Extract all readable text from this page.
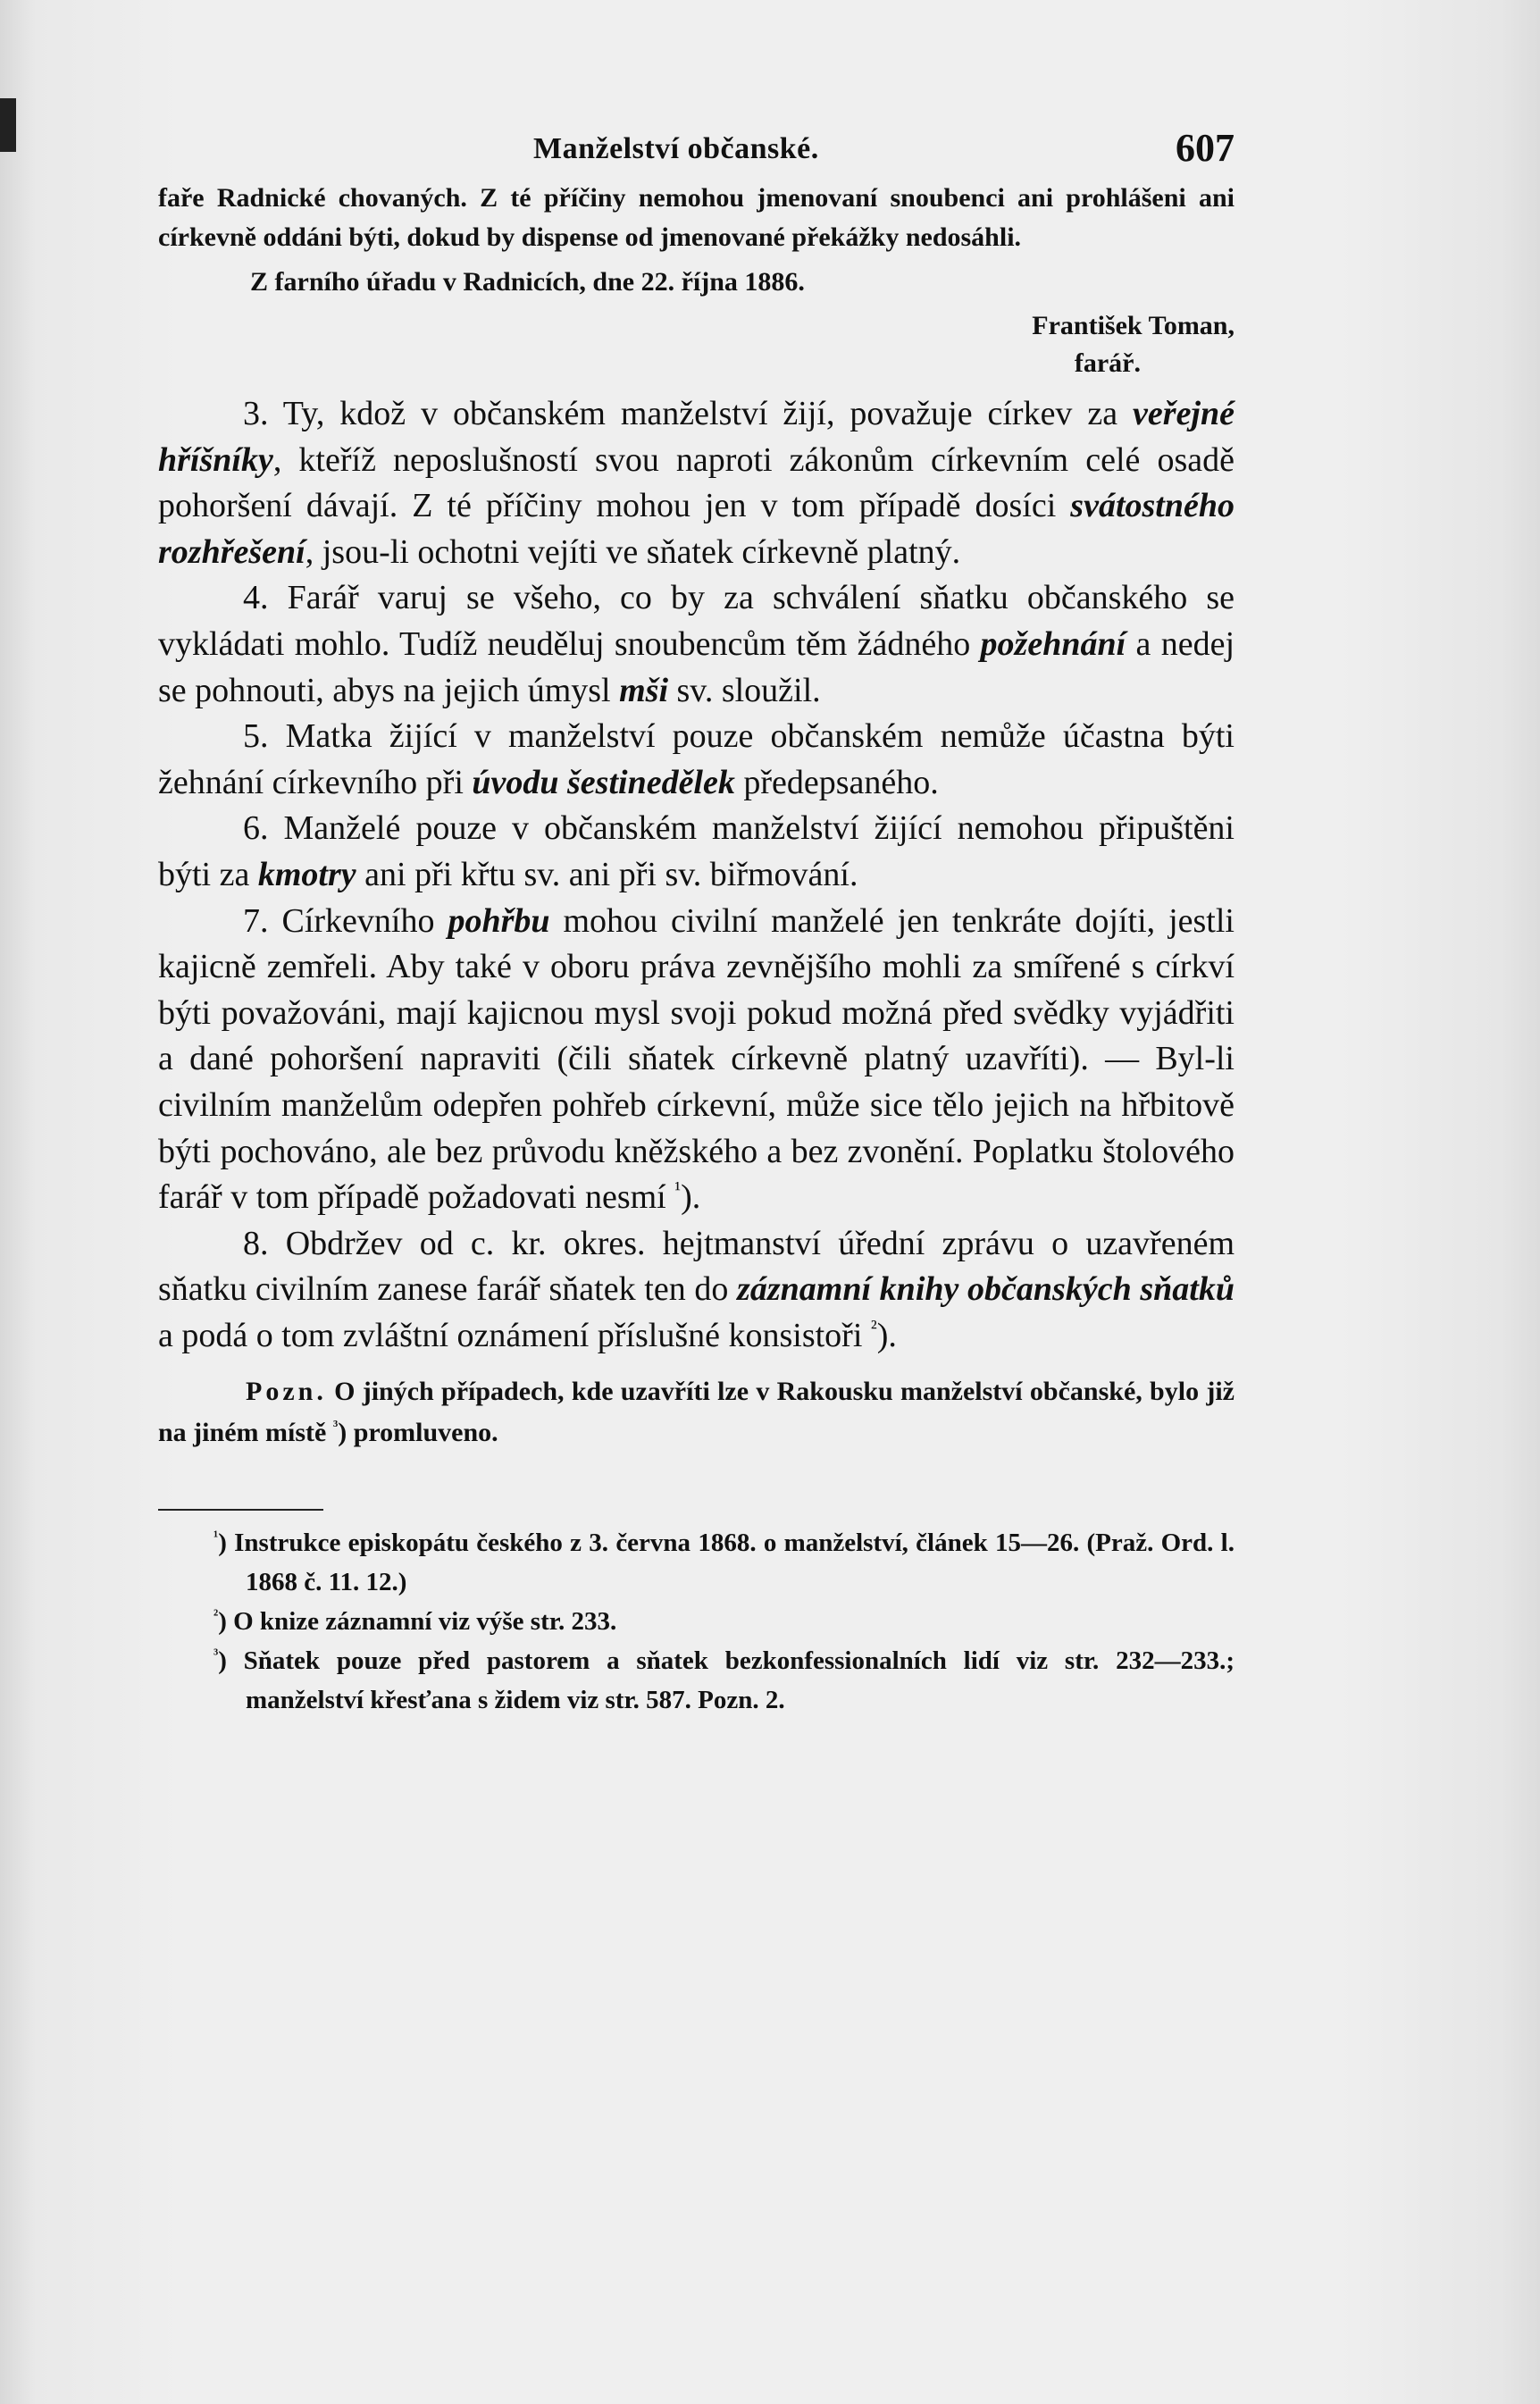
Manželství občanské.	607

faře Radnické chovaných. Z té příčiny nemohou jmenovaní snoubenci ani prohlášeni ani církevně oddáni býti, dokud by dispense od jmenované překážky nedosáhli.

Z farního úřadu v Radnicích, dne 22. října 1886.

František Toman,
farář.

3. Ty, kdož v občanském manželství žijí, považuje církev za veřejné hříšníky, kteříž neposlušností svou naproti zákonům církevním celé osadě pohoršení dávají. Z té příčiny mohou jen v tom případě dosíci svátostného rozhřešení, jsou-li ochotni vejíti ve sňatek církevně platný.

4. Farář varuj se všeho, co by za schválení sňatku občanského se vykládati mohlo. Tudíž neuděluj snoubencům těm žádného požehnání a nedej se pohnouti, abys na jejich úmysl mši sv. sloužil.

5. Matka žijící v manželství pouze občanském nemůže účastna býti žehnání církevního při úvodu šestinedělek předepsaného.

6. Manželé pouze v občanském manželství žijící nemohou připuštěni býti za kmotry ani při křtu sv. ani při sv. biřmování.

7. Církevního pohřbu mohou civilní manželé jen tenkráte dojíti, jestli kajicně zemřeli. Aby také v oboru práva zevnějšího mohli za smířené s církví býti považováni, mají kajicnou mysl svoji pokud možná před svědky vyjádřiti a dané pohoršení napraviti (čili sňatek církevně platný uzavříti). — Byl-li civilním manželům odepřen pohřeb církevní, může sice tělo jejich na hřbitově býti pochováno, ale bez průvodu kněžského a bez zvonění. Poplatku štolového farář v tom případě požadovati nesmí $^{^1}$).

8. Obdržev od c. kr. okres. hejtmanství úřední zprávu o uzavřeném sňatku civilním zanese farář sňatek ten do záznamní knihy občanských sňatků a podá o tom zvláštní oznámení příslušné konsistoři $^{^2}$).

Pozn. O jiných případech, kde uzavříti lze v Rakousku manželství občanské, bylo již na jiném místě $^{^3}$) promluveno.

$^{^1}$) Instrukce episkopátu českého z 3. června 1868. o manželství, článek 15—26. (Praž. Ord. l. 1868 č. 11. 12.)
$^{^2}$) O knize záznamní viz výše str. 233.
$^{^3}$) Sňatek pouze před pastorem a sňatek bezkonfessionalních lidí viz str. 232—233.; manželství křesťana s židem viz str. 587. Pozn. 2.
